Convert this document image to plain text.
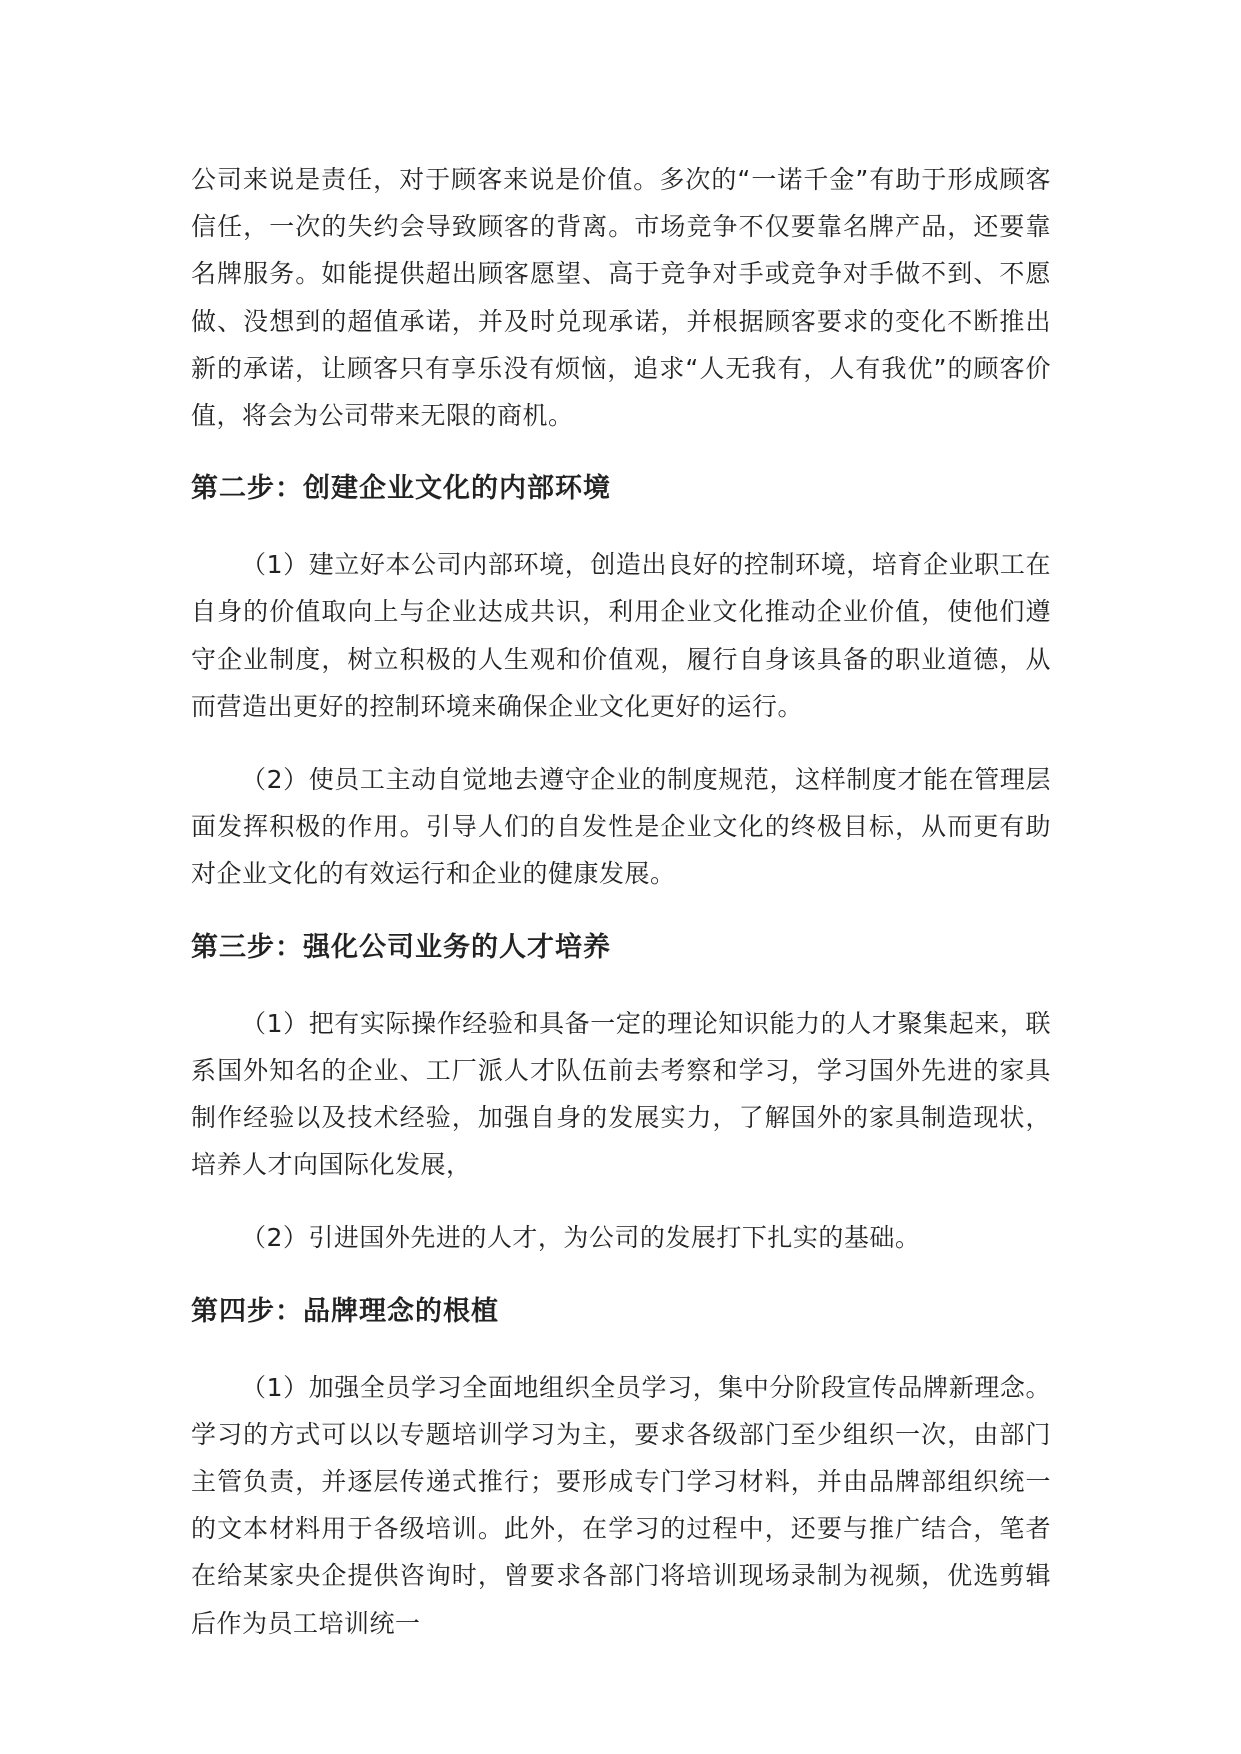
公司来说是责任，对于顾客来说是价值。多次的“一诺千金”有助于形成顾客信任，一次的失约会导致顾客的背离。市场竞争不仅要靠名牌产品，还要靠名牌服务。如能提供超出顾客愿望、高于竞争对手或竞争对手做不到、不愿做、没想到的超值承诺，并及时兑现承诺，并根据顾客要求的变化不断推出新的承诺，让顾客只有享乐没有烦恼，追求“人无我有，人有我优”的顾客价值，将会为公司带来无限的商机。

第二步：创建企业文化的内部环境

（1）建立好本公司内部环境，创造出良好的控制环境，培育企业职工在自身的价值取向上与企业达成共识，利用企业文化推动企业价值，使他们遵守企业制度，树立积极的人生观和价值观，履行自身该具备的职业道德，从而营造出更好的控制环境来确保企业文化更好的运行。

（2）使员工主动自觉地去遵守企业的制度规范，这样制度才能在管理层面发挥积极的作用。引导人们的自发性是企业文化的终极目标，从而更有助对企业文化的有效运行和企业的健康发展。

第三步：强化公司业务的人才培养

（1）把有实际操作经验和具备一定的理论知识能力的人才聚集起来，联系国外知名的企业、工厂派人才队伍前去考察和学习，学习国外先进的家具制作经验以及技术经验，加强自身的发展实力，了解国外的家具制造现状，培养人才向国际化发展，

（2）引进国外先进的人才，为公司的发展打下扎实的基础。

第四步：品牌理念的根植

（1）加强全员学习全面地组织全员学习，集中分阶段宣传品牌新理念。学习的方式可以以专题培训学习为主，要求各级部门至少组织一次，由部门主管负责，并逐层传递式推行；要形成专门学习材料，并由品牌部组织统一的文本材料用于各级培训。此外，在学习的过程中，还要与推广结合，笔者在给某家央企提供咨询时，曾要求各部门将培训现场录制为视频，优选剪辑后作为员工培训统一
